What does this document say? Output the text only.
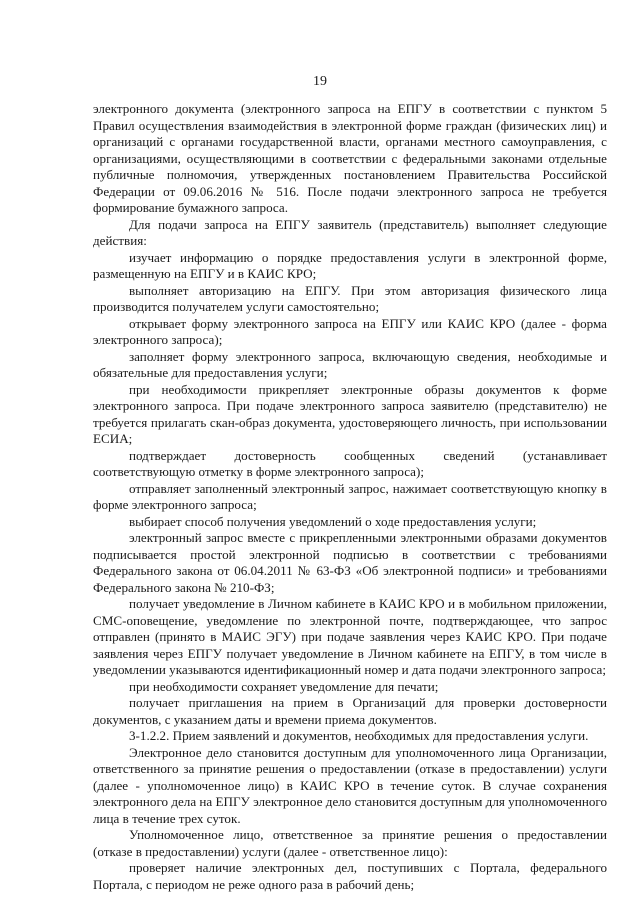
19

электронного документа (электронного запроса на ЕПГУ в соответствии с пунктом 5 Правил осуществления взаимодействия в электронной форме граждан (физических лиц) и организаций с органами государственной власти, органами местного самоуправления, с организациями, осуществляющими в соответствии с федеральными законами отдельные публичные полномочия, утвержденных постановлением Правительства Российской Федерации от 09.06.2016 № 516. После подачи электронного запроса не требуется формирование бумажного запроса.

Для подачи запроса на ЕПГУ заявитель (представитель) выполняет следующие действия:

изучает информацию о порядке предоставления услуги в электронной форме, размещенную на ЕПГУ и в КАИС КРО;

выполняет авторизацию на ЕПГУ. При этом авторизация физического лица производится получателем услуги самостоятельно;

открывает форму электронного запроса на ЕПГУ или КАИС КРО (далее - форма электронного запроса);

заполняет форму электронного запроса, включающую сведения, необходимые и обязательные для предоставления услуги;

при необходимости прикрепляет электронные образы документов к форме электронного запроса. При подаче электронного запроса заявителю (представителю) не требуется прилагать скан-образ документа, удостоверяющего личность, при использовании ЕСИА;

подтверждает достоверность сообщенных сведений (устанавливает соответствующую отметку в форме электронного запроса);

отправляет заполненный электронный запрос, нажимает соответствующую кнопку в форме электронного запроса;

выбирает способ получения уведомлений о ходе предоставления услуги;

электронный запрос вместе с прикрепленными электронными образами документов подписывается простой электронной подписью в соответствии с требованиями Федерального закона от 06.04.2011 № 63-ФЗ «Об электронной подписи» и требованиями Федерального закона № 210-ФЗ;

получает уведомление в Личном кабинете в КАИС КРО и в мобильном приложении, СМС-оповещение, уведомление по электронной почте, подтверждающее, что запрос отправлен (принято в МАИС ЭГУ) при подаче заявления через КАИС КРО. При подаче заявления через ЕПГУ получает уведомление в Личном кабинете на ЕПГУ, в том числе в уведомлении указываются идентификационный номер и дата подачи электронного запроса;

при необходимости сохраняет уведомление для печати;

получает приглашения на прием в Организаций для проверки достоверности документов, с указанием даты и времени приема документов.

3-1.2.2. Прием заявлений и документов, необходимых для предоставления услуги.

Электронное дело становится доступным для уполномоченного лица Организации, ответственного за принятие решения о предоставлении (отказе в предоставлении) услуги (далее - уполномоченное лицо) в КАИС КРО в течение суток. В случае сохранения электронного дела на ЕПГУ электронное дело становится доступным для уполномоченного лица в течение трех суток.

Уполномоченное лицо, ответственное за принятие решения о предоставлении (отказе в предоставлении) услуги (далее - ответственное лицо):

проверяет наличие электронных дел, поступивших с Портала, федерального Портала, с периодом не реже одного раза в рабочий день;
